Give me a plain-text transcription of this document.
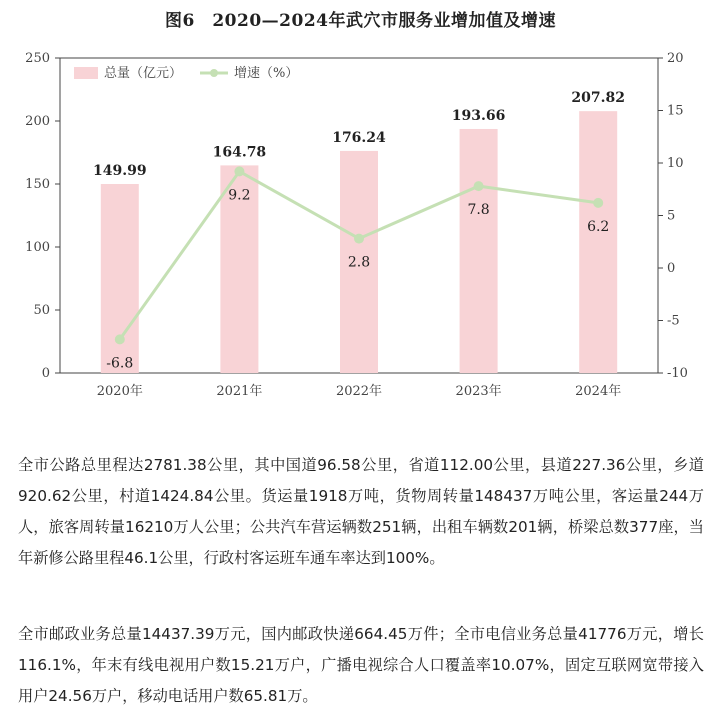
图6　2020—2024年武穴市服务业增加值及增速
0
50
100
150
200
250
-10
-5
0
5
10
15
20
149.99
164.78
176.24
193.66
207.82
-6.8
9.2
2.8
7.8
6.2
2020年	2021年	2022年	2023年	2024年
总量（亿元）	增速（%）

全市公路总里程达2781.38公里，其中国道96.58公里，省道112.00公里，县道227.36公里，乡道920.62公里，村道1424.84公里。货运量1918万吨，货物周转量148437万吨公里，客运量244万人，旅客周转量16210万人公里；公共汽车营运辆数251辆，出租车辆数201辆，桥梁总数377座，当年新修公路里程46.1公里，行政村客运班车通车率达到100%。

全市邮政业务总量14437.39万元，国内邮政快递664.45万件；全市电信业务总量41776万元，增长116.1%，年末有线电视用户数15.21万户，广播电视综合人口覆盖率10.07%，固定互联网宽带接入用户24.56万户，移动电话用户数65.81万。
